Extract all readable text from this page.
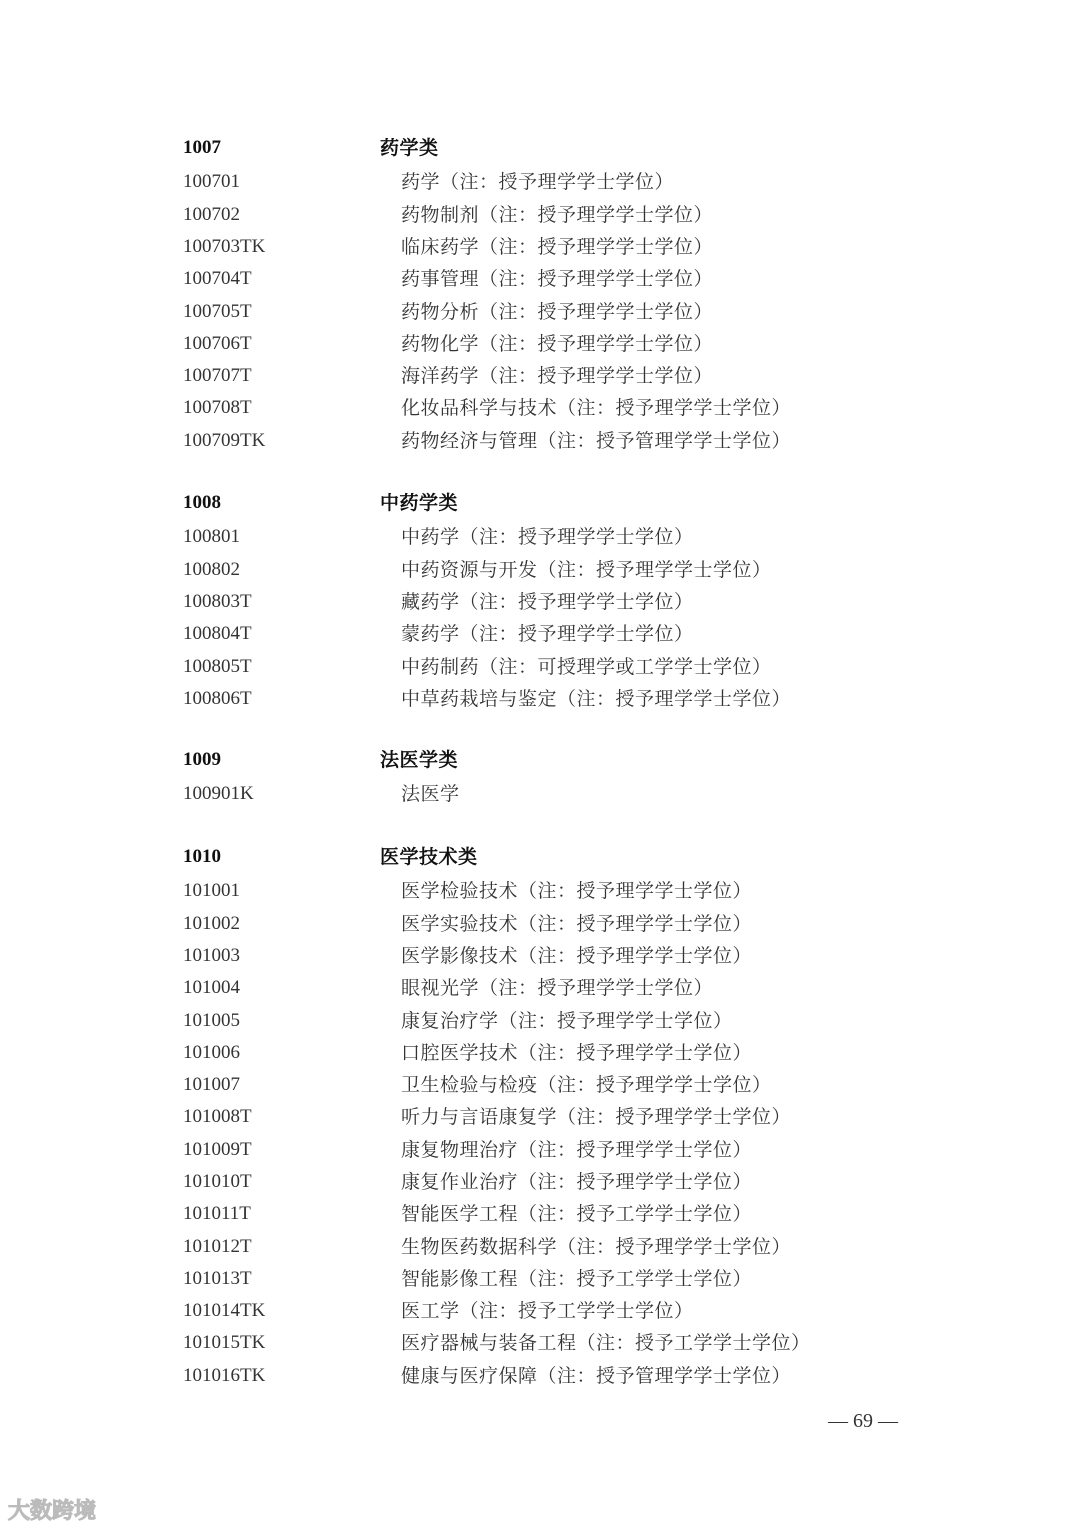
1007	药学类
100701	药学（注：授予理学学士学位）
100702	药物制剂（注：授予理学学士学位）
100703TK	临床药学（注：授予理学学士学位）
100704T	药事管理（注：授予理学学士学位）
100705T	药物分析（注：授予理学学士学位）
100706T	药物化学（注：授予理学学士学位）
100707T	海洋药学（注：授予理学学士学位）
100708T	化妆品科学与技术（注：授予理学学士学位）
100709TK	药物经济与管理（注：授予管理学学士学位）
1008	中药学类
100801	中药学（注：授予理学学士学位）
100802	中药资源与开发（注：授予理学学士学位）
100803T	藏药学（注：授予理学学士学位）
100804T	蒙药学（注：授予理学学士学位）
100805T	中药制药（注：可授理学或工学学士学位）
100806T	中草药栽培与鉴定（注：授予理学学士学位）
1009	法医学类
100901K	法医学
1010	医学技术类
101001	医学检验技术（注：授予理学学士学位）
101002	医学实验技术（注：授予理学学士学位）
101003	医学影像技术（注：授予理学学士学位）
101004	眼视光学（注：授予理学学士学位）
101005	康复治疗学（注：授予理学学士学位）
101006	口腔医学技术（注：授予理学学士学位）
101007	卫生检验与检疫（注：授予理学学士学位）
101008T	听力与言语康复学（注：授予理学学士学位）
101009T	康复物理治疗（注：授予理学学士学位）
101010T	康复作业治疗（注：授予理学学士学位）
101011T	智能医学工程（注：授予工学学士学位）
101012T	生物医药数据科学（注：授予理学学士学位）
101013T	智能影像工程（注：授予工学学士学位）
101014TK	医工学（注：授予工学学士学位）
101015TK	医疗器械与装备工程（注：授予工学学士学位）
101016TK	健康与医疗保障（注：授予管理学学士学位）
— 69 —
大数跨境
